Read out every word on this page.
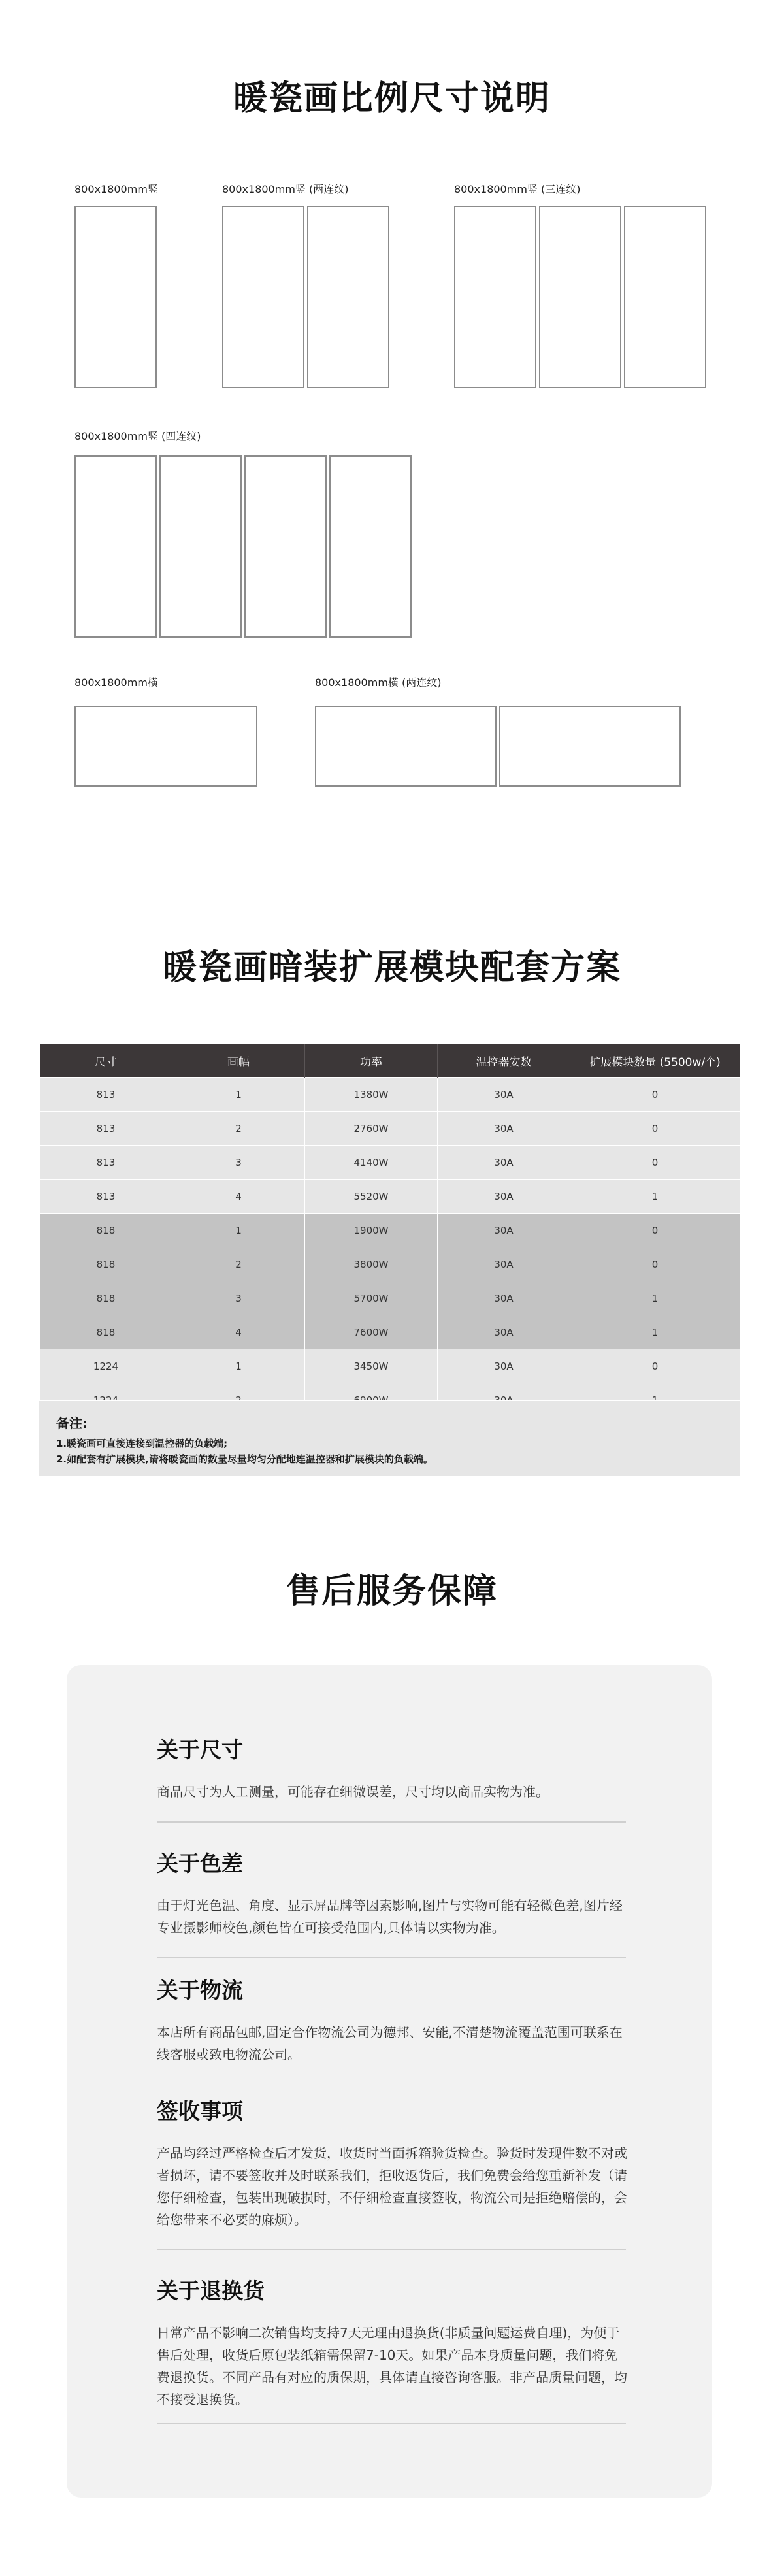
暖瓷画比例尺寸说明
800x1800mm竖	800x1800mm竖 (两连纹)	800x1800mm竖 (三连纹)
800x1800mm竖 (四连纹)
800x1800mm横	800x1800mm横 (两连纹)
暖瓷画暗装扩展模块配套方案
尺寸	画幅	功率	温控器安数	扩展模块数量 (5500w/个)
813	1	1380W	30A	0
813	2	2760W	30A	0
813	3	4140W	30A	0
813	4	5520W	30A	1
818	1	1900W	30A	0
818	2	3800W	30A	0
818	3	5700W	30A	1
818	4	7600W	30A	1
1224	1	3450W	30A	0

备注:
1.暖瓷画可直接连接到温控器的负载端;
2.如配套有扩展模块,请将暖瓷画的数量尽量均匀分配地连温控器和扩展模块的负载端。
售后服务保障
关于尺寸

商品尺寸为人工测量，可能存在细微误差，尺寸均以商品实物为准。

关于色差

由于灯光色温、角度、显示屏品牌等因素影响,图片与实物可能有轻微色差,图片经专业摄影师校色,颜色皆在可接受范围内,具体请以实物为准。

关于物流

本店所有商品包邮,固定合作物流公司为德邦、安能,不清楚物流覆盖范围可联系在线客服或致电物流公司。

签收事项

产品均经过严格检查后才发货，收货时当面拆箱验货检查。验货时发现件数不对或者损坏，请不要签收并及时联系我们，拒收返货后，我们免费会给您重新补发（请您仔细检查，包装出现破损时，不仔细检查直接签收，物流公司是拒绝赔偿的，会给您带来不必要的麻烦）。

关于退换货

日常产品不影响二次销售均支持7天无理由退换货(非质量问题运费自理)，为便于售后处理，收货后原包装纸箱需保留7-10天。如果产品本身质量问题，我们将免费退换货。不同产品有对应的质保期，具体请直接咨询客服。非产品质量问题，均不接受退换货。
